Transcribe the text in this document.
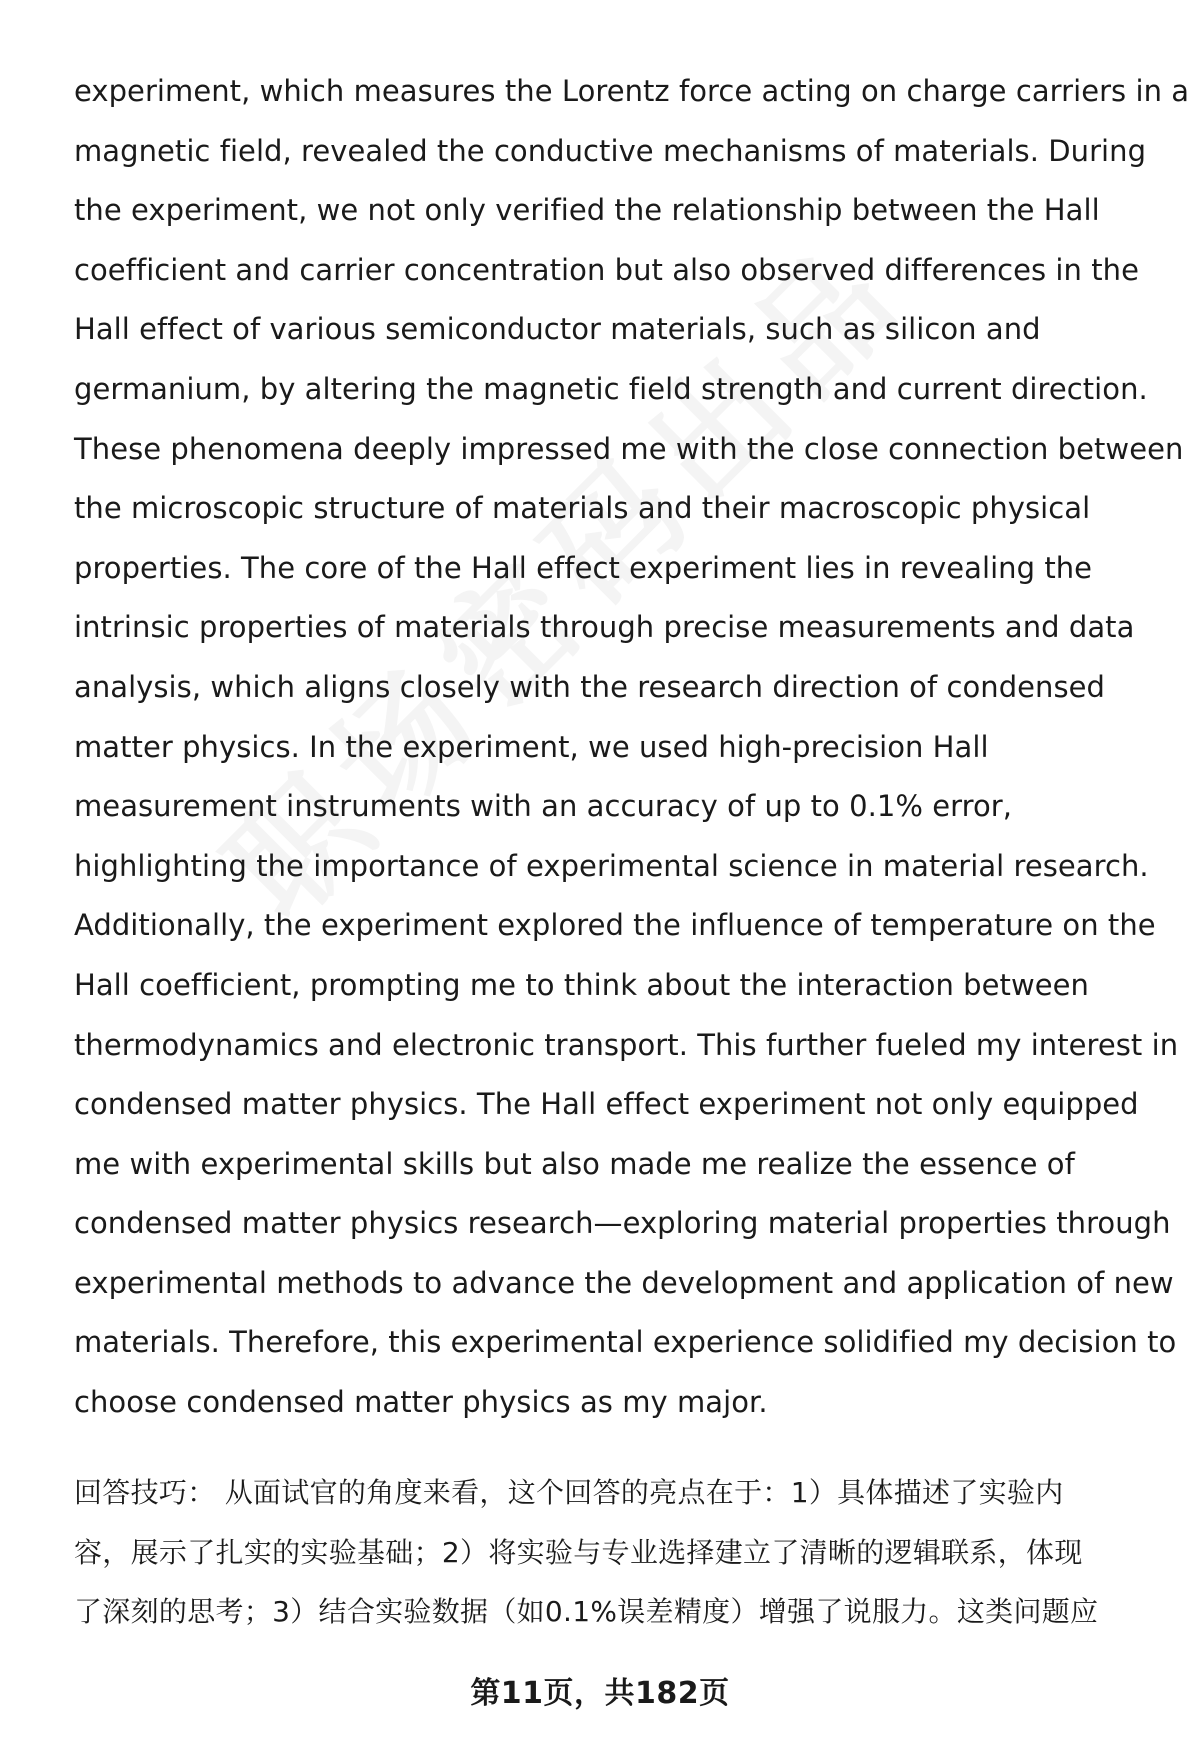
experiment, which measures the Lorentz force acting on charge carriers in a
magnetic field, revealed the conductive mechanisms of materials. During
the experiment, we not only verified the relationship between the Hall
coefficient and carrier concentration but also observed differences in the
Hall effect of various semiconductor materials, such as silicon and
germanium, by altering the magnetic field strength and current direction.
These phenomena deeply impressed me with the close connection between
the microscopic structure of materials and their macroscopic physical
properties. The core of the Hall effect experiment lies in revealing the
intrinsic properties of materials through precise measurements and data
analysis, which aligns closely with the research direction of condensed
matter physics. In the experiment, we used high-precision Hall
measurement instruments with an accuracy of up to 0.1% error,
highlighting the importance of experimental science in material research.
Additionally, the experiment explored the influence of temperature on the
Hall coefficient, prompting me to think about the interaction between
thermodynamics and electronic transport. This further fueled my interest in
condensed matter physics. The Hall effect experiment not only equipped
me with experimental skills but also made me realize the essence of
condensed matter physics research—exploring material properties through
experimental methods to advance the development and application of new
materials. Therefore, this experimental experience solidified my decision to
choose condensed matter physics as my major.
回答技巧： 从面试官的角度来看，这个回答的亮点在于：1）具体描述了实验内
容，展示了扎实的实验基础；2）将实验与专业选择建立了清晰的逻辑联系，体现
了深刻的思考；3）结合实验数据（如0.1%误差精度）增强了说服力。这类问题应
第11页，共182页
